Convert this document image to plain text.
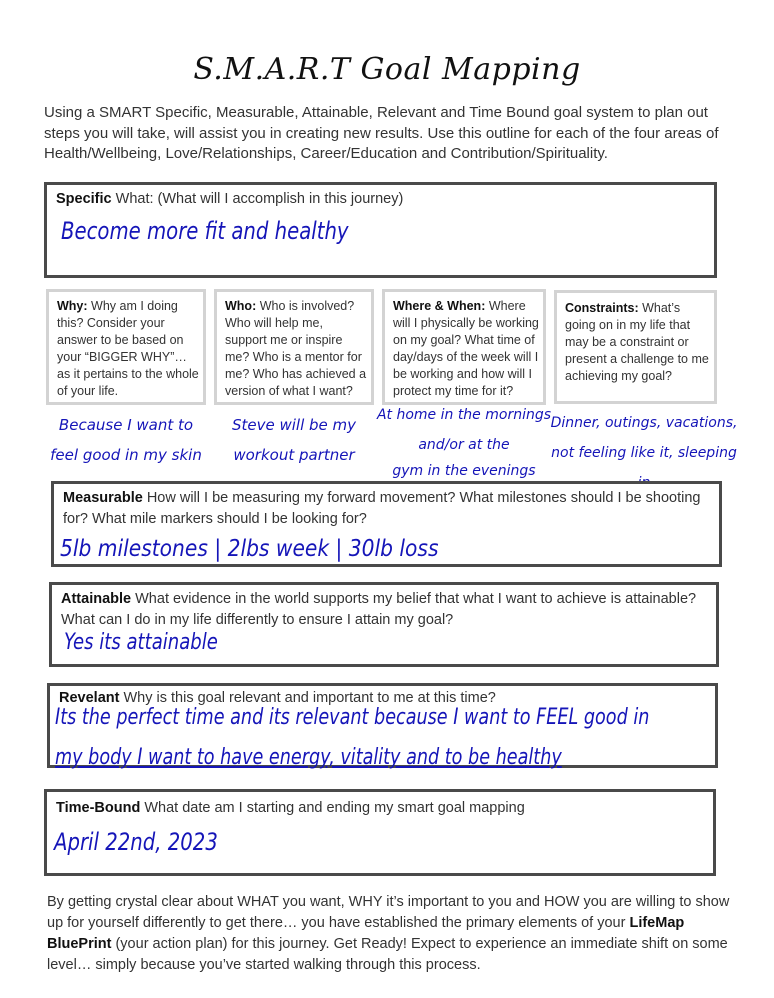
S.M.A.R.T Goal Mapping
Using a SMART Specific, Measurable, Attainable, Relevant and Time Bound goal system to plan out steps you will take, will assist you in creating new results. Use this outline for each of the four areas of Health/Wellbeing, Love/Relationships, Career/Education and Contribution/Spirituality.
Specific What: (What will I accomplish in this journey)
Become more fit and healthy
Why: Why am I doing this? Consider your answer to be based on your “BIGGER WHY”… as it pertains to the whole of your life.
Who: Who is involved? Who will help me, support me or inspire me? Who is a mentor for me? Who has achieved a version of what I want?
Where & When: Where will I physically be working on my goal? What time of day/days of the week will I be working and how will I protect my time for it?
Constraints: What’s going on in my life that may be a constraint or present a challenge to me achieving my goal?
Because I want to
feel good in my skin
Steve will be my
workout partner
At home in the mornings
and/or at the
gym in the evenings
Dinner, outings, vacations,
not feeling like it, sleeping
Measurable How will I be measuring my forward movement? What milestones should I be shooting for? What mile markers should I be looking for?
5lb milestones | 2lbs week | 30lb loss
Attainable What evidence in the world supports my belief that what I want to achieve is attainable? What can I do in my life differently to ensure I attain my goal?
Yes its attainable
Revelant Why is this goal relevant and important to me at this time?
Its the perfect time and its relevant because I want to FEEL good in
my body I want to have energy, vitality and to be healthy
Time-Bound What date am I starting and ending my smart goal mapping
April 22nd, 2023
By getting crystal clear about WHAT you want, WHY it’s important to you and HOW you are willing to show up for yourself differently to get there… you have established the primary elements of your LifeMap BluePrint (your action plan) for this journey. Get Ready! Expect to experience an immediate shift on some level… simply because you’ve started walking through this process.
